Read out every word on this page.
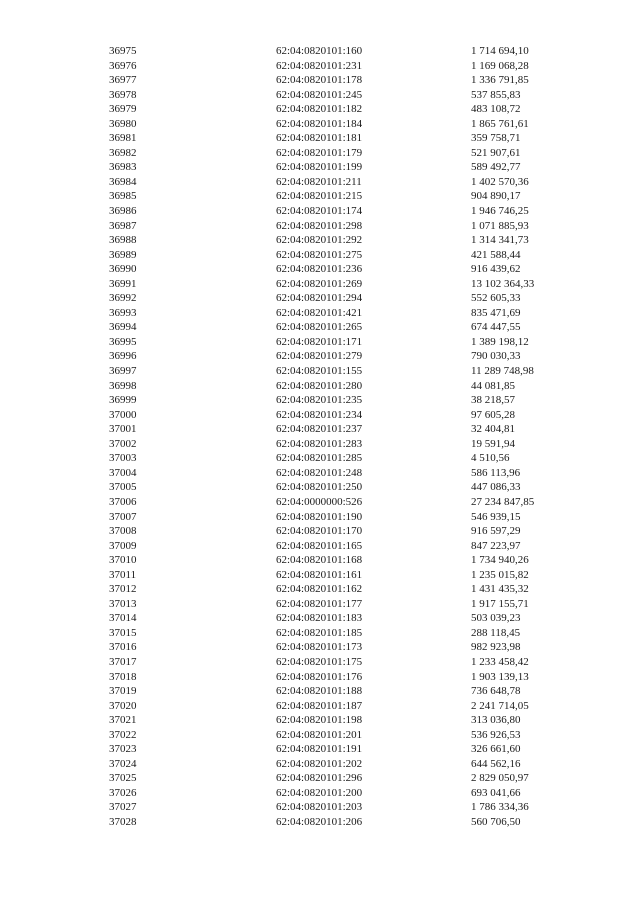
36975	62:04:0820101:160	1 714 694,10
36976	62:04:0820101:231	1 169 068,28
36977	62:04:0820101:178	1 336 791,85
36978	62:04:0820101:245	537 855,83
36979	62:04:0820101:182	483 108,72
36980	62:04:0820101:184	1 865 761,61
36981	62:04:0820101:181	359 758,71
36982	62:04:0820101:179	521 907,61
36983	62:04:0820101:199	589 492,77
36984	62:04:0820101:211	1 402 570,36
36985	62:04:0820101:215	904 890,17
36986	62:04:0820101:174	1 946 746,25
36987	62:04:0820101:298	1 071 885,93
36988	62:04:0820101:292	1 314 341,73
36989	62:04:0820101:275	421 588,44
36990	62:04:0820101:236	916 439,62
36991	62:04:0820101:269	13 102 364,33
36992	62:04:0820101:294	552 605,33
36993	62:04:0820101:421	835 471,69
36994	62:04:0820101:265	674 447,55
36995	62:04:0820101:171	1 389 198,12
36996	62:04:0820101:279	790 030,33
36997	62:04:0820101:155	11 289 748,98
36998	62:04:0820101:280	44 081,85
36999	62:04:0820101:235	38 218,57
37000	62:04:0820101:234	97 605,28
37001	62:04:0820101:237	32 404,81
37002	62:04:0820101:283	19 591,94
37003	62:04:0820101:285	4 510,56
37004	62:04:0820101:248	586 113,96
37005	62:04:0820101:250	447 086,33
37006	62:04:0000000:526	27 234 847,85
37007	62:04:0820101:190	546 939,15
37008	62:04:0820101:170	916 597,29
37009	62:04:0820101:165	847 223,97
37010	62:04:0820101:168	1 734 940,26
37011	62:04:0820101:161	1 235 015,82
37012	62:04:0820101:162	1 431 435,32
37013	62:04:0820101:177	1 917 155,71
37014	62:04:0820101:183	503 039,23
37015	62:04:0820101:185	288 118,45
37016	62:04:0820101:173	982 923,98
37017	62:04:0820101:175	1 233 458,42
37018	62:04:0820101:176	1 903 139,13
37019	62:04:0820101:188	736 648,78
37020	62:04:0820101:187	2 241 714,05
37021	62:04:0820101:198	313 036,80
37022	62:04:0820101:201	536 926,53
37023	62:04:0820101:191	326 661,60
37024	62:04:0820101:202	644 562,16
37025	62:04:0820101:296	2 829 050,97
37026	62:04:0820101:200	693 041,66
37027	62:04:0820101:203	1 786 334,36
37028	62:04:0820101:206	560 706,50
